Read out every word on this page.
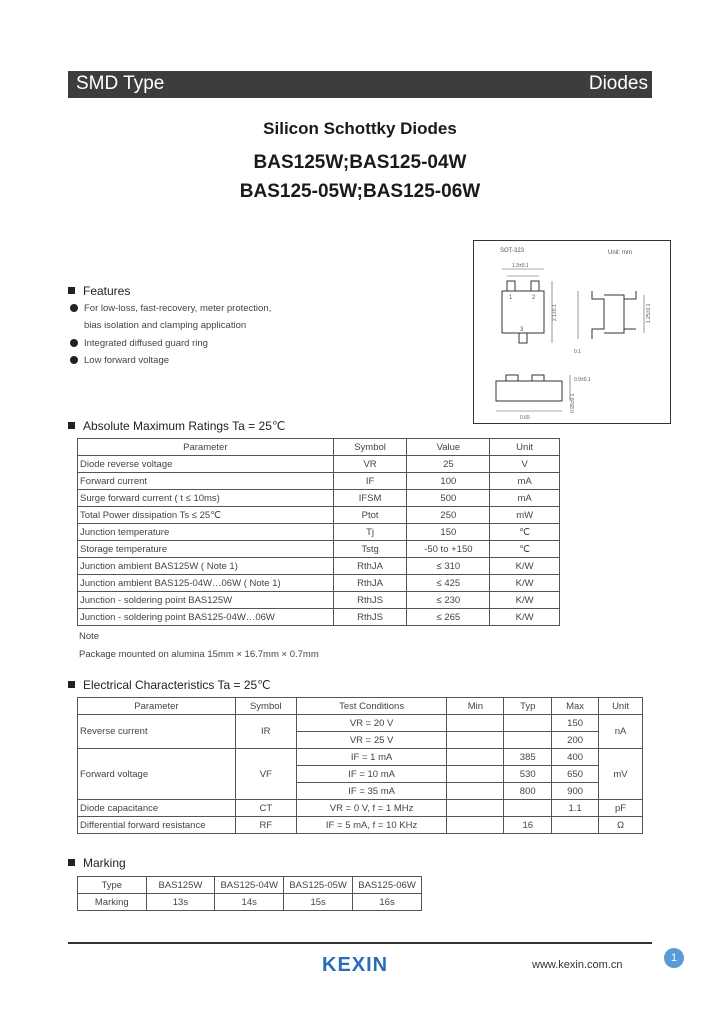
SMD Type	Diodes
Silicon Schottky Diodes
BAS125W;BAS125-04W
BAS125-05W;BAS125-06W
SOT-323	Unit: mm
1	2
3
1.3±0.1
2.1±0.1	1.25±0.1
0.65
0.95±0.1
0.9±0.1
0.1
Features
For low-loss, fast-recovery, meter protection,
bias isolation and clamping application
Integrated diffused guard ring
Low forward voltage
Absolute Maximum Ratings Ta = 25℃
Parameter	Symbol	Value	Unit
Diode reverse voltage	VR	25	V
Forward current	IF	100	mA
Surge forward current ( t ≤ 10ms)	IFSM	500	mA
Total Power dissipation Ts ≤ 25℃	Ptot	250	mW
Junction temperature	Tj	150	℃
Storage temperature	Tstg	-50 to +150	℃
Junction ambient BAS125W ( Note 1)	RthJA	≤ 310	K/W
Junction ambient BAS125-04W…06W ( Note 1)	RthJA	≤ 425	K/W
Junction - soldering point BAS125W	RthJS	≤ 230	K/W
Junction - soldering point BAS125-04W…06W	RthJS	≤ 265	K/W
Note
Package mounted on alumina 15mm × 16.7mm × 0.7mm
Electrical Characteristics Ta = 25℃
Parameter	Symbol	Test Conditions	Min	Typ	Max	Unit
Reverse current	IR	VR = 20 V			150	nA
		VR = 25 V			200	
Forward voltage	VF	IF = 1 mA		385	400	mV
		IF = 10 mA		530	650	
		IF = 35 mA		800	900	
Diode capacitance	CT	VR = 0 V, f = 1 MHz			1.1	pF
Differential forward resistance	RF	IF = 5 mA, f = 10 KHz		16		Ω
Marking
Type	BAS125W	BAS125-04W	BAS125-05W	BAS125-06W
Marking	13s	14s	15s	16s
1
KEXIN	www.kexin.com.cn
